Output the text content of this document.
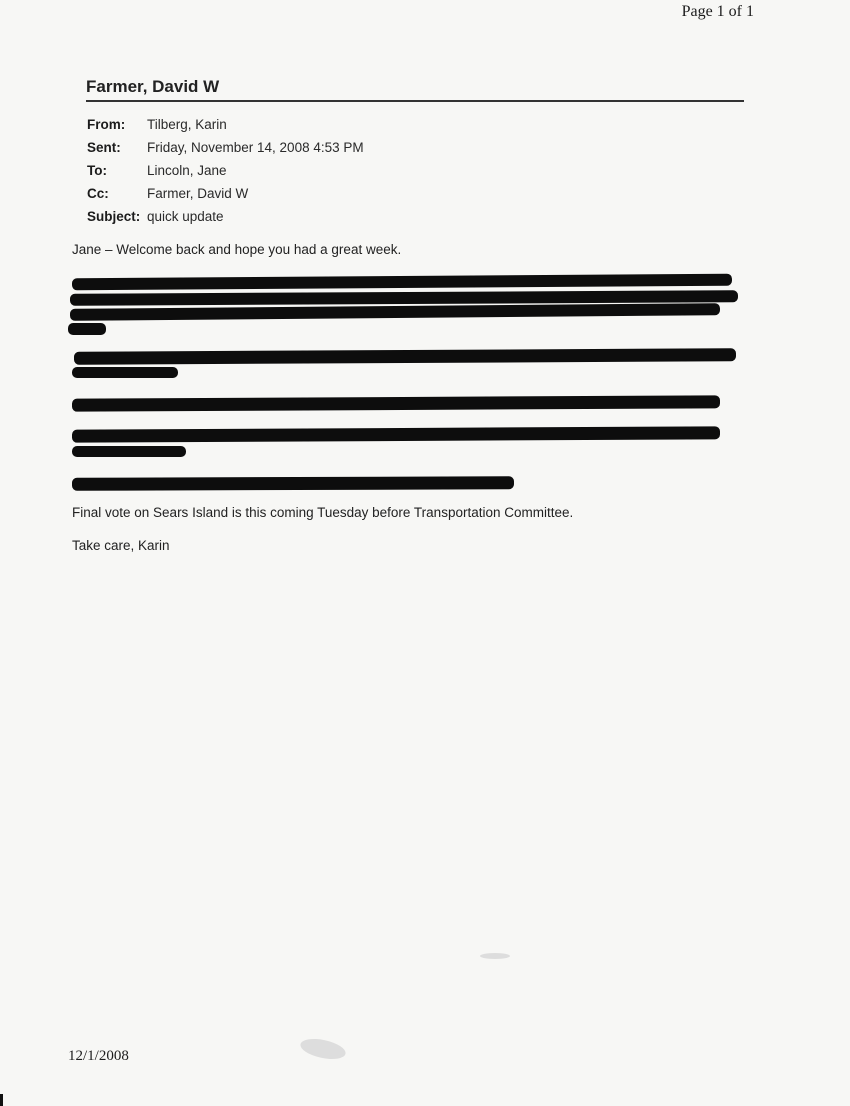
Page 1 of 1
Farmer, David W
From:	Tilberg, Karin
Sent:	Friday, November 14, 2008 4:53 PM
To:	Lincoln, Jane
Cc:	Farmer, David W
Subject:	quick update
Jane – Welcome back and hope you had a great week.
Final vote on Sears Island is this coming Tuesday before Transportation Committee.
Take care, Karin
12/1/2008
